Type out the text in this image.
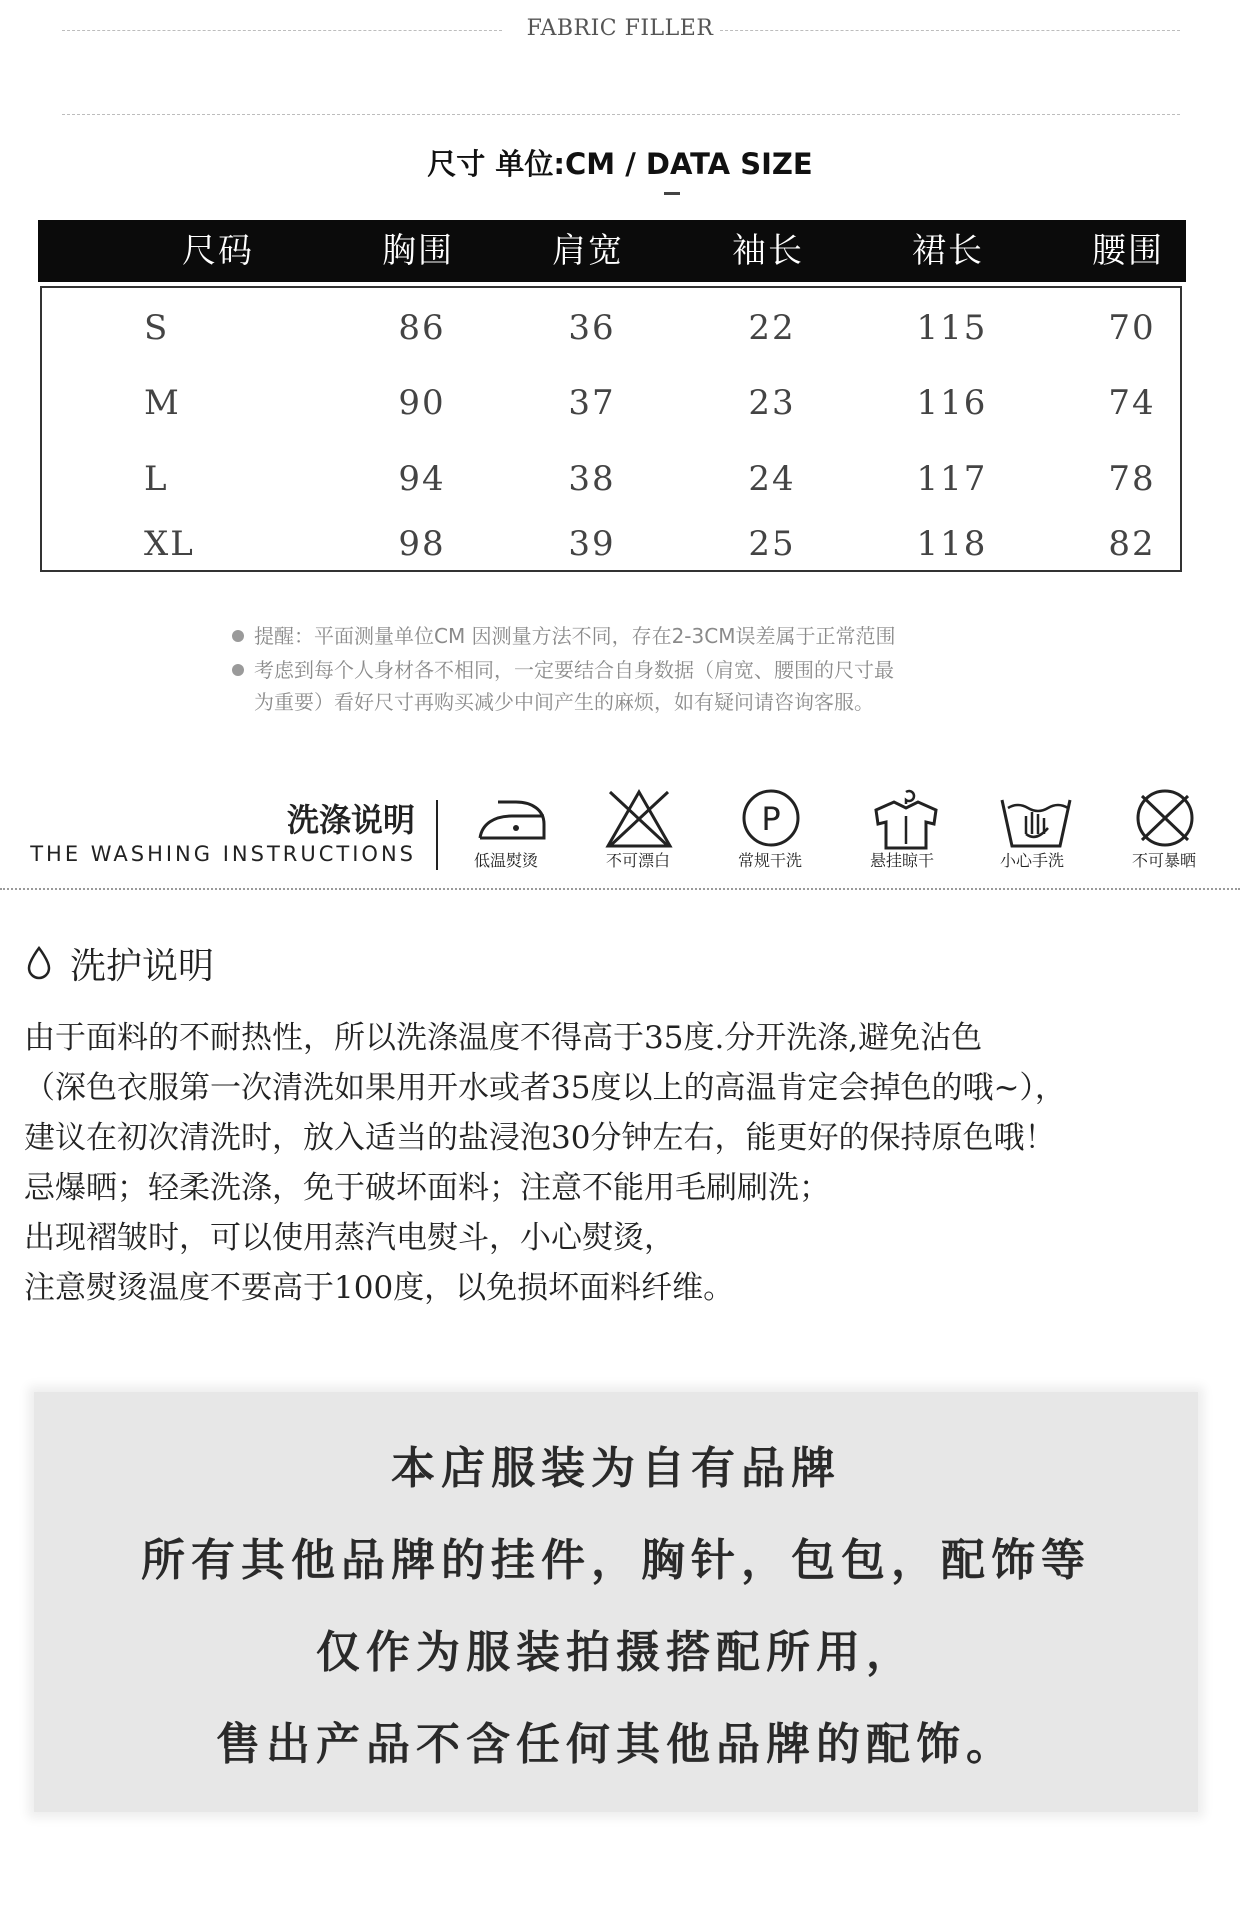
FABRIC FILLER
尺寸 单位:CM / DATA SIZE
尺码	胸围	肩宽	袖长	裙长	腰围
S	86	36	22	115	70
M	90	37	23	116	74
L	94	38	24	117	78
XL	98	39	25	118	82
提醒：平面测量单位CM 因测量方法不同，存在2-3CM误差属于正常范围
考虑到每个人身材各不相同，一定要结合自身数据（肩宽、腰围的尺寸最
为重要）看好尺寸再购买减少中间产生的麻烦，如有疑问请咨询客服。
洗涤说明
THE WASHING INSTRUCTIONS	低温熨烫	不可漂白
P
常规干洗	悬挂晾干	小心手洗	不可暴晒
洗护说明
由于面料的不耐热性，所以洗涤温度不得高于35度.分开洗涤,避免沾色
（深色衣服第一次清洗如果用开水或者35度以上的高温肯定会掉色的哦~），
建议在初次清洗时，放入适当的盐浸泡30分钟左右，能更好的保持原色哦！
忌爆晒；轻柔洗涤，免于破坏面料；注意不能用毛刷刷洗；
出现褶皱时，可以使用蒸汽电熨斗，小心熨烫，
注意熨烫温度不要高于100度，以免损坏面料纤维。
本店服装为自有品牌
所有其他品牌的挂件，胸针，包包，配饰等
仅作为服装拍摄搭配所用，
售出产品不含任何其他品牌的配饰。
